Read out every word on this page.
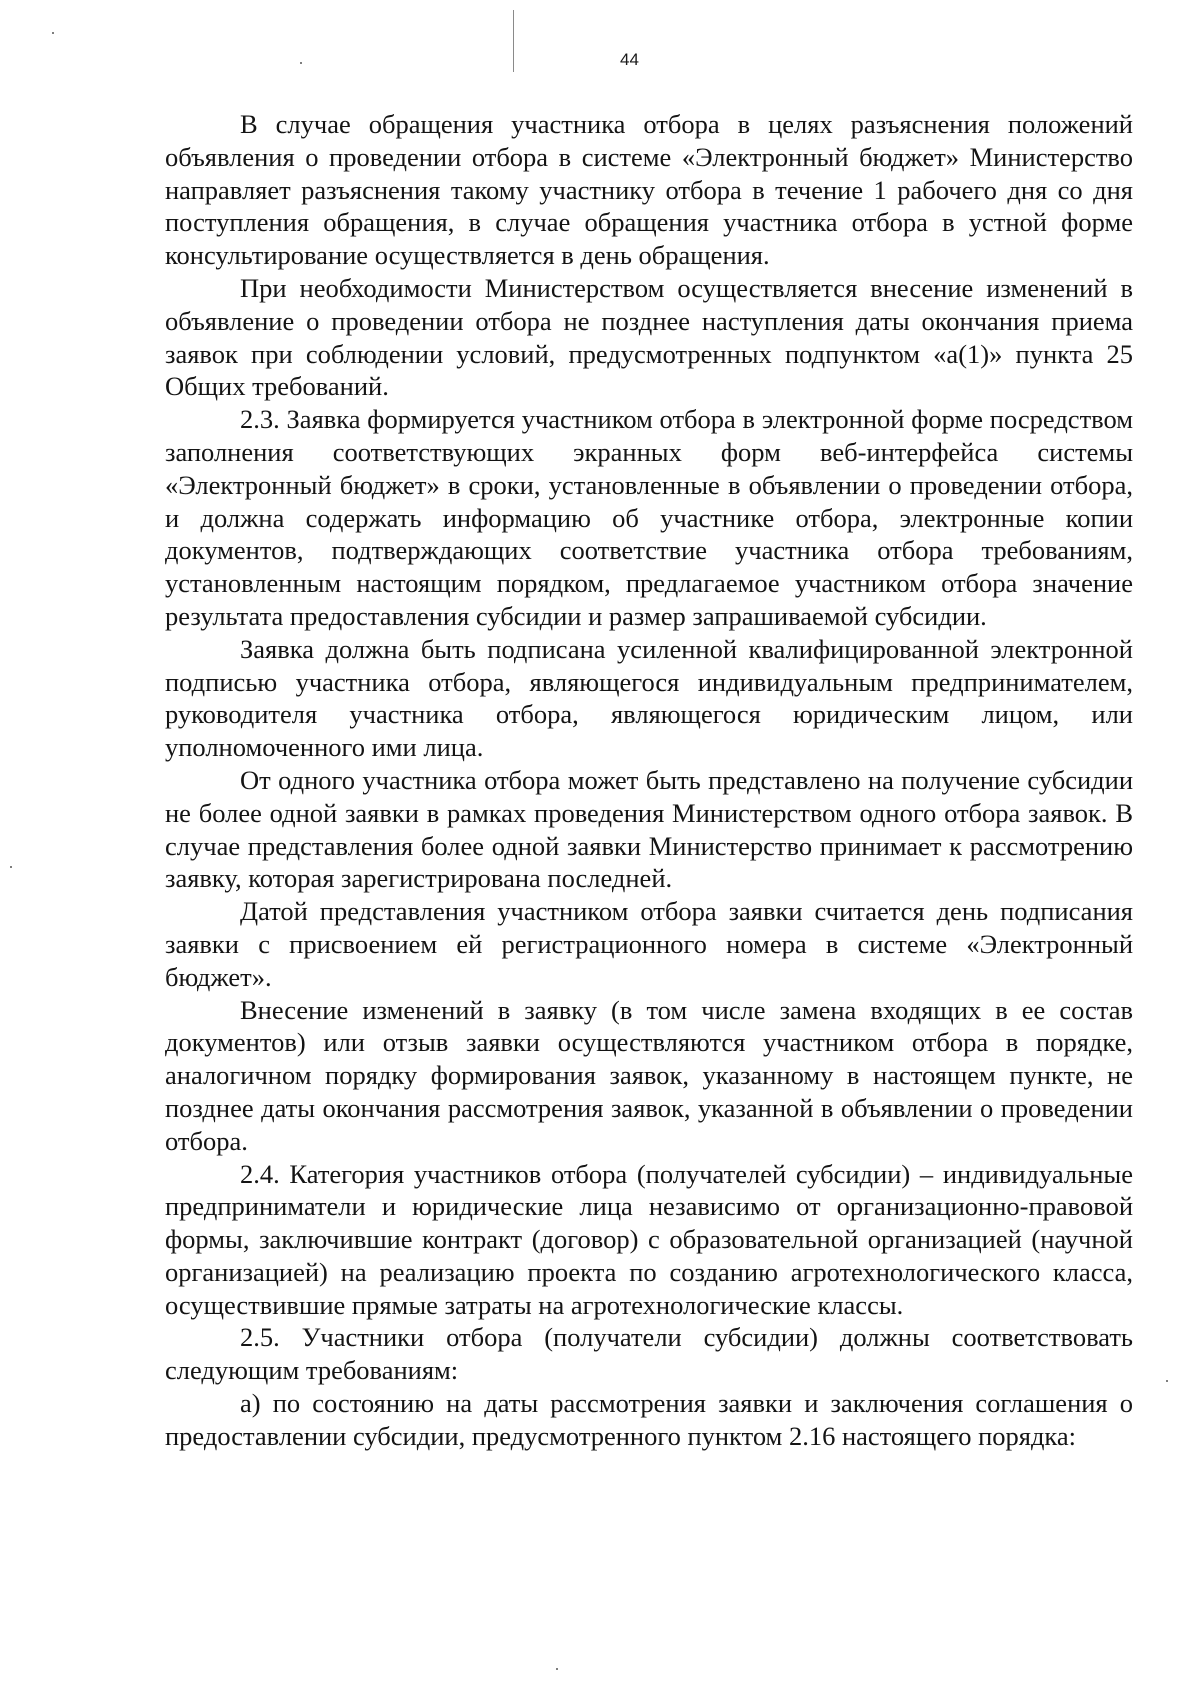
44

В случае обращения участника отбора в целях разъяснения положений объявления о проведении отбора в системе «Электронный бюджет» Министерство направляет разъяснения такому участнику отбора в течение 1 рабочего дня со дня поступления обращения, в случае обращения участника отбора в устной форме консультирование осуществляется в день обращения.

При необходимости Министерством осуществляется внесение изменений в объявление о проведении отбора не позднее наступления даты окончания приема заявок при соблюдении условий, предусмотренных подпунктом «а(1)» пункта 25 Общих требований.

2.3. Заявка формируется участником отбора в электронной форме посредством заполнения соответствующих экранных форм веб-интерфейса системы «Электронный бюджет» в сроки, установленные в объявлении о проведении отбора, и должна содержать информацию об участнике отбора, электронные копии документов, подтверждающих соответствие участника отбора требованиям, установленным настоящим порядком, предлагаемое участником отбора значение результата предоставления субсидии и размер запрашиваемой субсидии.

Заявка должна быть подписана усиленной квалифицированной электронной подписью участника отбора, являющегося индивидуальным предпринимателем, руководителя участника отбора, являющегося юридическим лицом, или уполномоченного ими лица.

От одного участника отбора может быть представлено на получение субсидии не более одной заявки в рамках проведения Министерством одного отбора заявок. В случае представления более одной заявки Министерство принимает к рассмотрению заявку, которая зарегистрирована последней.

Датой представления участником отбора заявки считается день подписания заявки с присвоением ей регистрационного номера в системе «Электронный бюджет».

Внесение изменений в заявку (в том числе замена входящих в ее состав документов) или отзыв заявки осуществляются участником отбора в порядке, аналогичном порядку формирования заявок, указанному в настоящем пункте, не позднее даты окончания рассмотрения заявок, указанной в объявлении о проведении отбора.

2.4. Категория участников отбора (получателей субсидии) – индивидуальные предприниматели и юридические лица независимо от организационно-правовой формы, заключившие контракт (договор) с образовательной организацией (научной организацией) на реализацию проекта по созданию агротехнологического класса, осуществившие прямые затраты на агротехнологические классы.

2.5. Участники отбора (получатели субсидии) должны соответствовать следующим требованиям:

а) по состоянию на даты рассмотрения заявки и заключения соглашения о предоставлении субсидии, предусмотренного пунктом 2.16 настоящего порядка:
